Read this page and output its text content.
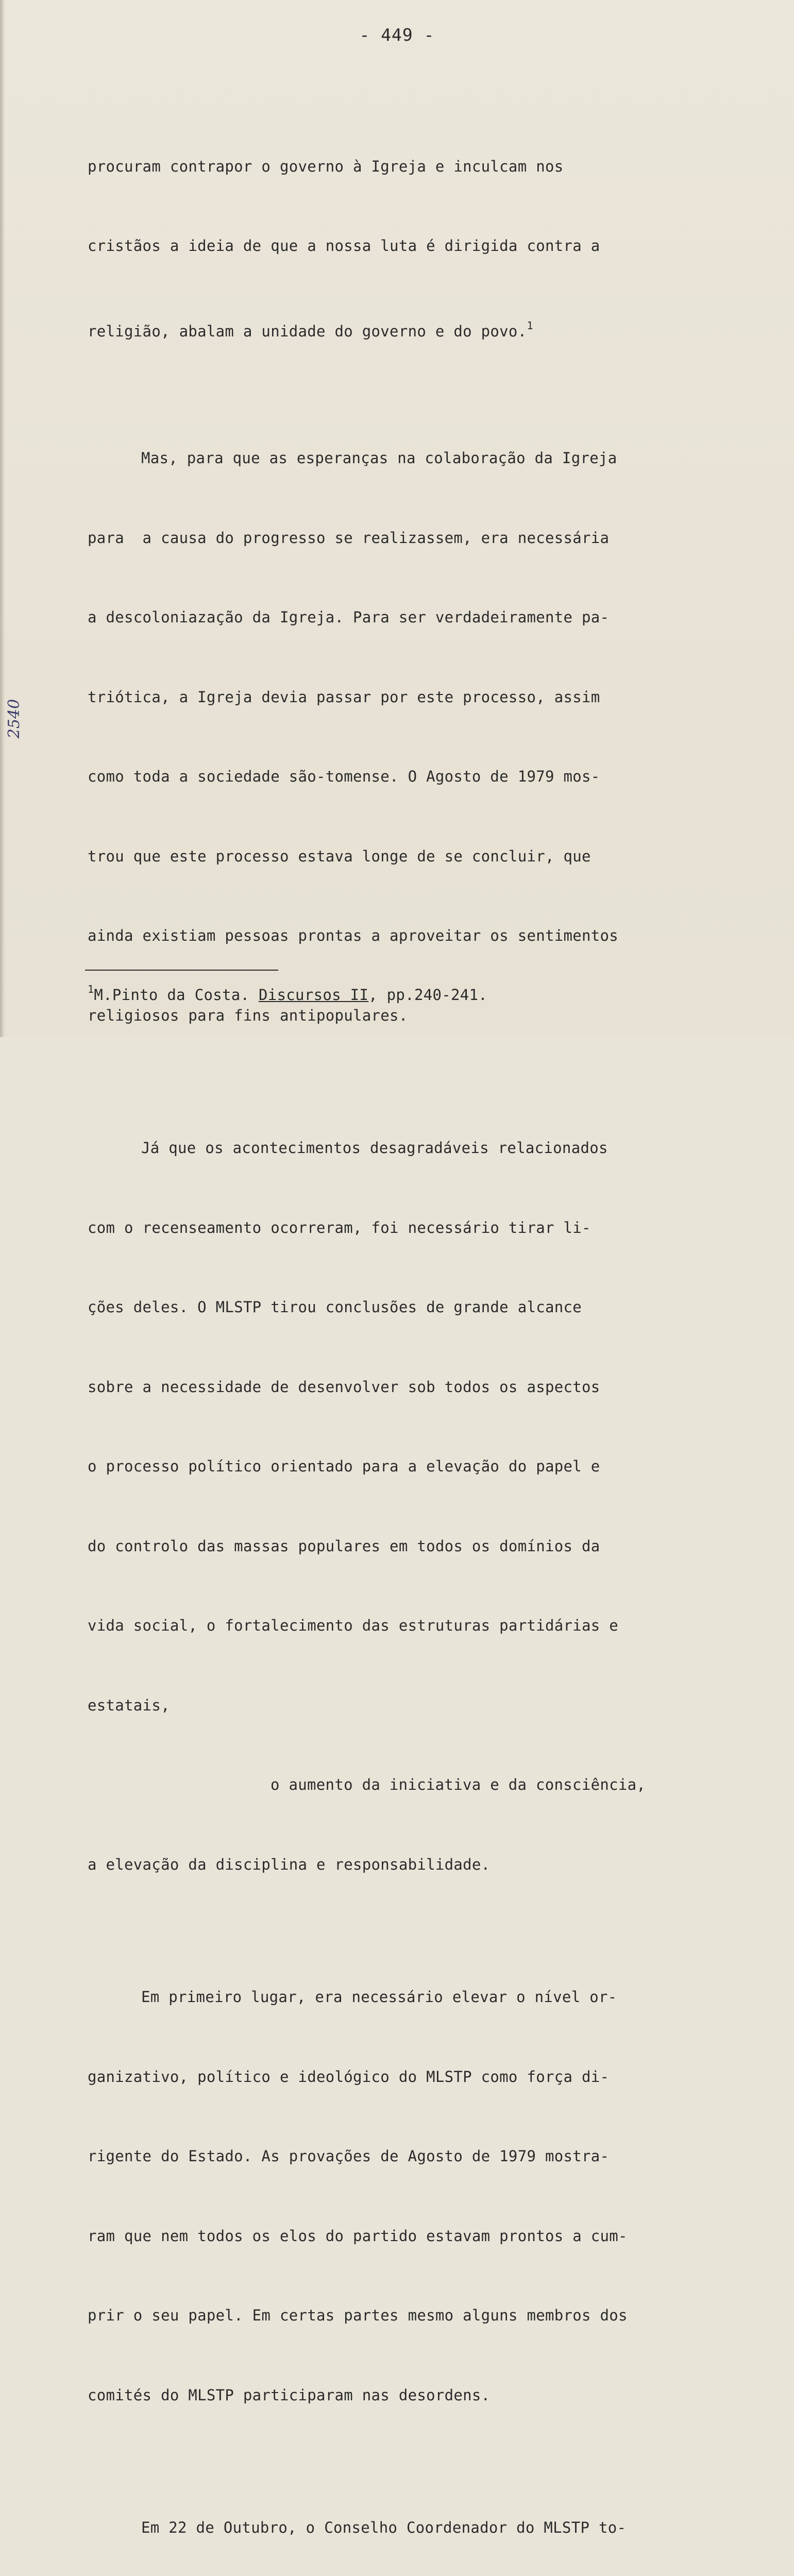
- 449 -
2540

procuram contrapor o governo à Igreja e inculcam nos

cristãos a ideia de que a nossa luta é dirigida contra a

religião, abalam a unidade do governo e do povo.$^1$

Mas, para que as esperanças na colaboração da Igreja

para  a causa do progresso se realizassem, era necessária

a descoloniazação da Igreja. Para ser verdadeiramente pa-

triótica, a Igreja devia passar por este processo, assim

como toda a sociedade são-tomense. O Agosto de 1979 mos-

trou que este processo estava longe de se concluir, que

ainda existiam pessoas prontas a aproveitar os sentimentos

religiosos para fins antipopulares.

Já que os acontecimentos desagradáveis relacionados

com o recenseamento ocorreram, foi necessário tirar li-

ções deles. O MLSTP tirou conclusões de grande alcance

sobre a necessidade de desenvolver sob todos os aspectos

o processo político orientado para a elevação do papel e

do controlo das massas populares em todos os domínios da

vida social, o fortalecimento das estruturas partidárias e

estatais,

o aumento da iniciativa e da consciência,

a elevação da disciplina e responsabilidade.

Em primeiro lugar, era necessário elevar o nível or-

ganizativo, político e ideológico do MLSTP como força di-

rigente do Estado. As provações de Agosto de 1979 mostra-

ram que nem todos os elos do partido estavam prontos a cum-

prir o seu papel. Em certas partes mesmo alguns membros dos

comités do MLSTP participaram nas desordens.

Em 22 de Outubro, o Conselho Coordenador do MLSTP to-

$^1$M.Pinto da Costa. Discursos II, pp.240-241.
